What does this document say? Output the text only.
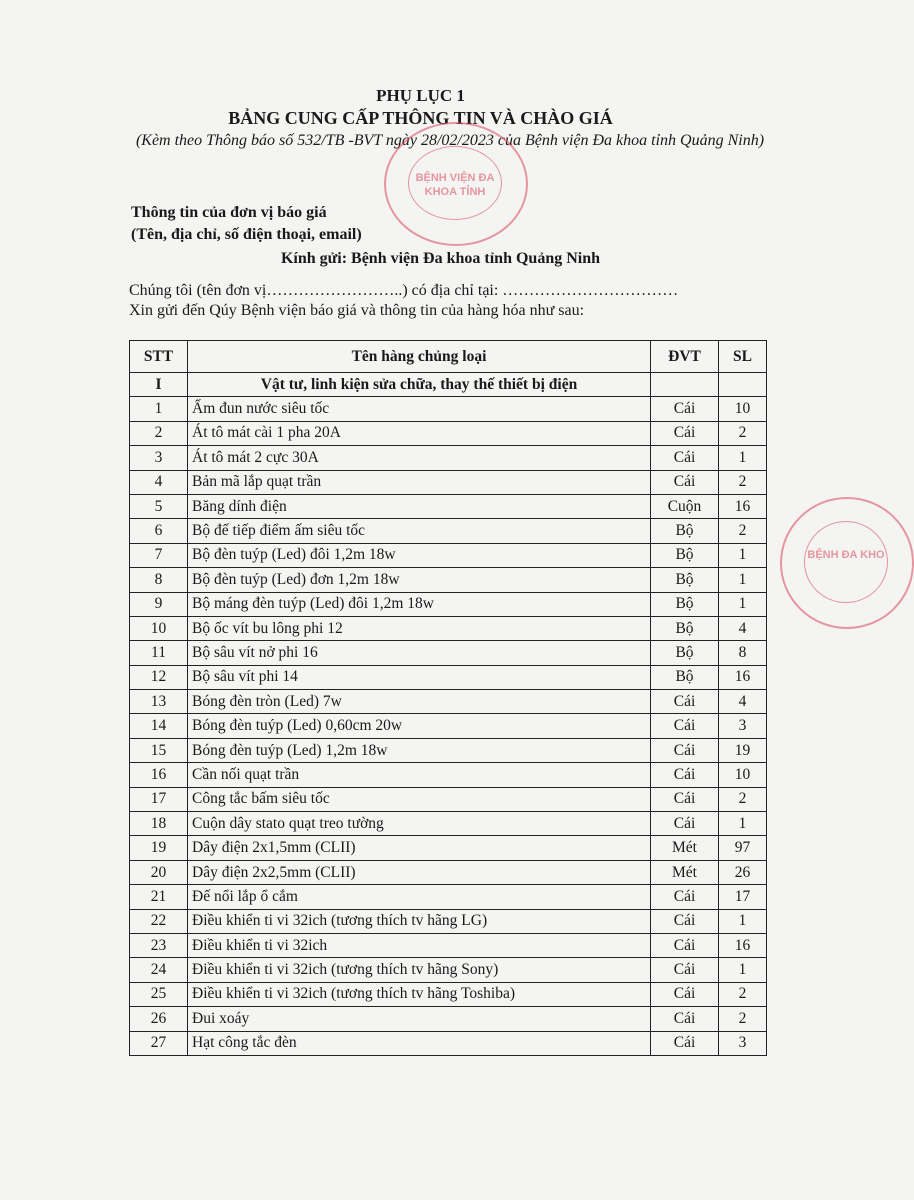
PHỤ LỤC 1
BẢNG CUNG CẤP THÔNG TIN VÀ CHÀO GIÁ
(Kèm theo Thông báo số 532/TB -BVT ngày 28/02/2023 của Bệnh viện Đa khoa tỉnh Quảng Ninh)
BỆNH VIỆN ĐA KHOA TỈNH
Thông tin của đơn vị báo giá
(Tên, địa chỉ, số điện thoại, email)
Kính gửi: Bệnh viện Đa khoa tỉnh Quảng Ninh
Chúng tôi (tên đơn vị……………………..) có địa chỉ tại: ……………………………
Xin gửi đến Qúy Bệnh viện báo giá và thông tin của hàng hóa như sau:
STT	Tên hàng chủng loại	ĐVT	SL
I	Vật tư, linh kiện sửa chữa, thay thế thiết bị điện		
1	Ấm đun nước siêu tốc	Cái	10
2	Át tô mát cài 1 pha 20A	Cái	2
3	Át tô mát 2 cực 30A	Cái	1
4	Bản mã lắp quạt trần	Cái	2
5	Băng dính điện	Cuộn	16
6	Bộ đế tiếp điểm ấm siêu tốc	Bộ	2
7	Bộ đèn tuýp (Led) đôi 1,2m 18w	Bộ	1
8	Bộ đèn tuýp (Led) đơn 1,2m 18w	Bộ	1
9	Bộ máng đèn tuýp (Led) đôi 1,2m 18w	Bộ	1
10	Bộ ốc vít bu lông phi 12	Bộ	4
11	Bộ sâu vít nở phi 16	Bộ	8
12	Bộ sâu vít phi 14	Bộ	16
13	Bóng đèn tròn (Led) 7w	Cái	4
14	Bóng đèn tuýp (Led) 0,60cm 20w	Cái	3
15	Bóng đèn tuýp (Led) 1,2m 18w	Cái	19
16	Cần nối quạt trần	Cái	10
17	Công tắc bấm siêu tốc	Cái	2
18	Cuộn dây stato quạt treo tường	Cái	1
19	Dây điện 2x1,5mm (CLII)	Mét	97
20	Dây điện 2x2,5mm (CLII)	Mét	26
21	Đế nổi lắp ổ cắm	Cái	17
22	Điều khiển ti vi 32ich (tương thích tv hãng LG)	Cái	1
23	Điều khiển ti vi 32ich	Cái	16
24	Điều khiển ti vi 32ich (tương thích tv hãng Sony)	Cái	1
25	Điều khiển ti vi 32ich (tương thích tv hãng Toshiba)	Cái	2
26	Đui xoáy	Cái	2
27	Hạt công tắc đèn	Cái	3
BỆNH ĐA KHO
